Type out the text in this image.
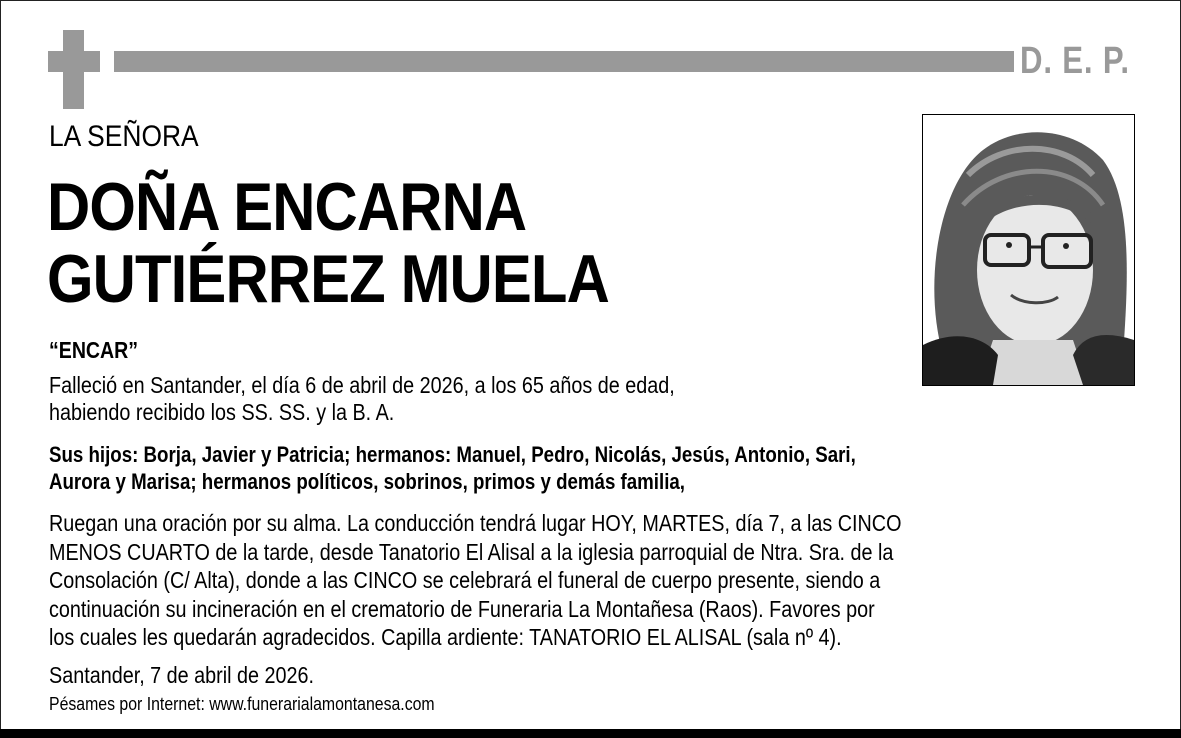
D. E. P.
LA SEÑORA
DOÑA ENCARNA
GUTIÉRREZ MUELA
“ENCAR”
Falleció en Santander, el día 6 de abril de 2026, a los 65 años de edad,
habiendo recibido los SS. SS. y la B. A.
Sus hijos: Borja, Javier y Patricia; hermanos: Manuel, Pedro, Nicolás, Jesús, Antonio, Sari,
Aurora y Marisa; hermanos políticos, sobrinos, primos y demás familia,
Ruegan una oración por su alma. La conducción tendrá lugar HOY, MARTES, día 7, a las CINCO
MENOS CUARTO de la tarde, desde Tanatorio El Alisal a la iglesia parroquial de Ntra. Sra. de la
Consolación (C/ Alta), donde a las CINCO se celebrará el funeral de cuerpo presente, siendo a
continuación su incineración en el crematorio de Funeraria La Montañesa (Raos). Favores por
los cuales les quedarán agradecidos. Capilla ardiente: TANATORIO EL ALISAL (sala nº 4).
Santander, 7 de abril de 2026.
Pésames por Internet: www.funerarialamontanesa.com
